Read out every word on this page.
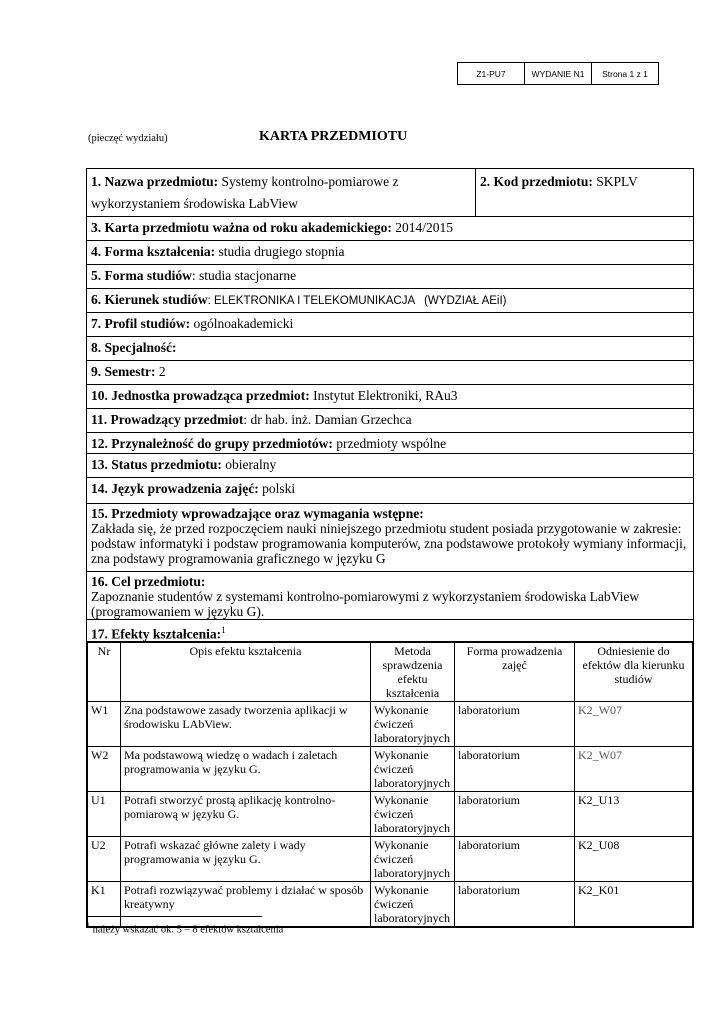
Z1-PU7	WYDANIE N1	Strona 1 z 1
(pieczęć wydziału)	KARTA PRZEDMIOTU
1. Nazwa przedmiotu: Systemy kontrolno-pomiarowe z wykorzystaniem środowiska LabView
2. Kod przedmiotu: SKPLV
3. Karta przedmiotu ważna od roku akademickiego: 2014/2015
4. Forma kształcenia: studia drugiego stopnia
5. Forma studiów: studia stacjonarne
6. Kierunek studiów: ELEKTRONIKA I TELEKOMUNIKACJA   (WYDZIAŁ AEiI)
7. Profil studiów: ogólnoakademicki
8. Specjalność:
9. Semestr: 2
10. Jednostka prowadząca przedmiot: Instytut Elektroniki, RAu3
11. Prowadzący przedmiot: dr hab. inż. Damian Grzechca
12. Przynależność do grupy przedmiotów: przedmioty wspólne
13. Status przedmiotu: obieralny
14. Język prowadzenia zajęć: polski
15. Przedmioty wprowadzające oraz wymagania wstępne:
Zakłada się, że przed rozpoczęciem nauki niniejszego przedmiotu student posiada przygotowanie w zakresie: podstaw informatyki i podstaw programowania komputerów, zna podstawowe protokoły wymiany informacji, zna podstawy programowania graficznego w języku G
16. Cel przedmiotu:
Zapoznanie studentów z systemami kontrolno-pomiarowymi z wykorzystaniem środowiska LabView (programowaniem w języku G).
17. Efekty kształcenia:$^1$
Nr	Opis efektu kształcenia	Metoda sprawdzenia efektu kształcenia	Forma prowadzenia zajęć	Odniesienie do efektów dla kierunku studiów
W1	Zna podstawowe zasady tworzenia aplikacji w środowisku LAbView.	Wykonanie ćwiczeń laboratoryjnych	laboratorium	K2_W07
W2	Ma podstawową wiedzę o wadach i zaletach programowania w języku G.	Wykonanie ćwiczeń laboratoryjnych	laboratorium	K2_W07
U1	Potrafi stworzyć prostą aplikację kontrolno-pomiarową w języku G.	Wykonanie ćwiczeń laboratoryjnych	laboratorium	K2_U13
U2	Potrafi wskazać główne zalety i wady programowania w języku G.	Wykonanie ćwiczeń laboratoryjnych	laboratorium	K2_U08
K1	Potrafi rozwiązywać problemy i działać w sposób kreatywny	Wykonanie ćwiczeń laboratoryjnych	laboratorium	K2_K01
$^1$ należy wskazać ok. 5 – 8 efektów kształcenia
